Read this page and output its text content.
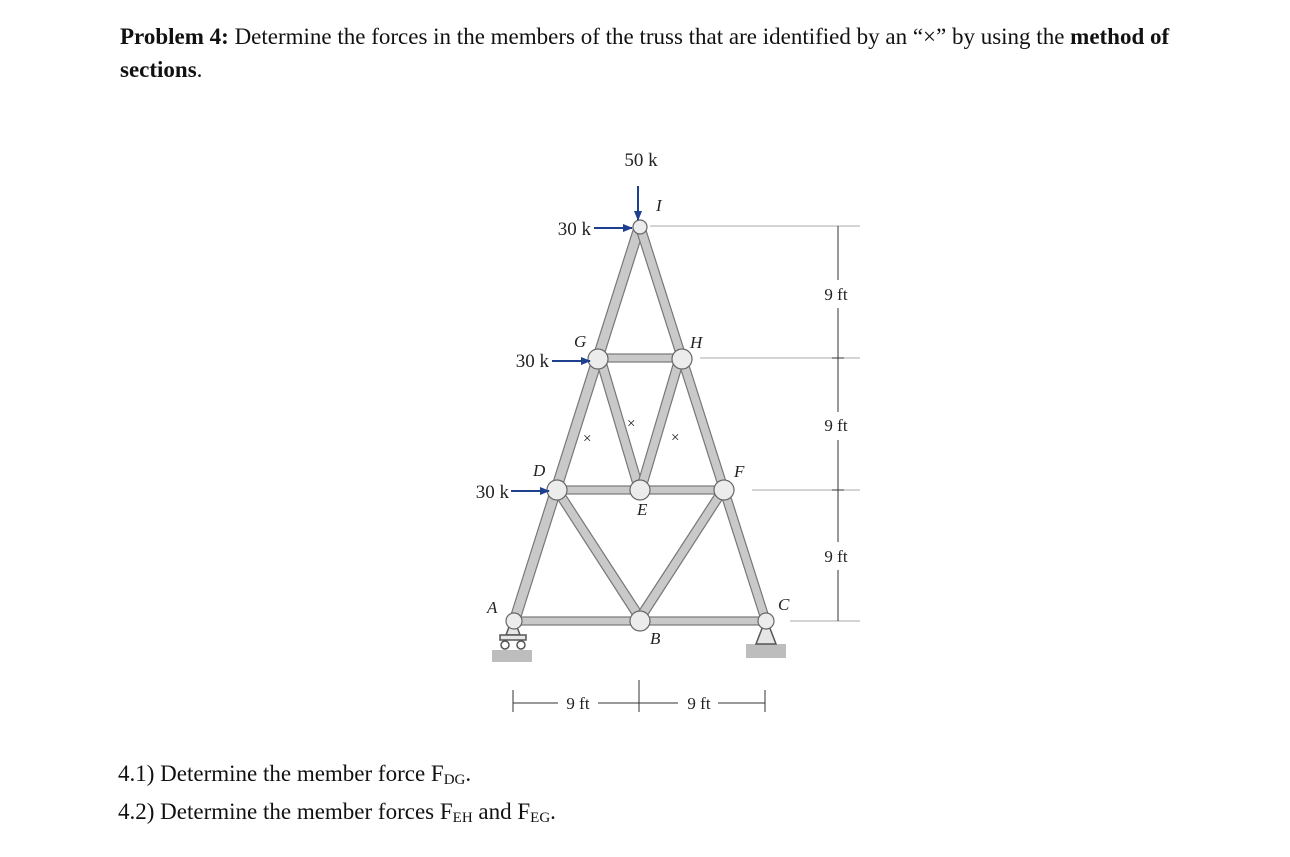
Problem 4: Determine the forces in the members of the truss that are identified by an “×” by using the method of sections.
9 ft
9 ft
9 ft
9 ft	9 ft
50 k
30 k
30 k
30 k
I
G	H
D	F
E
A	C
B
×
×
×
4.1) Determine the member force $F_{DG}$.
4.2) Determine the member forces $F_{EH}$ and $F_{EG}$.
